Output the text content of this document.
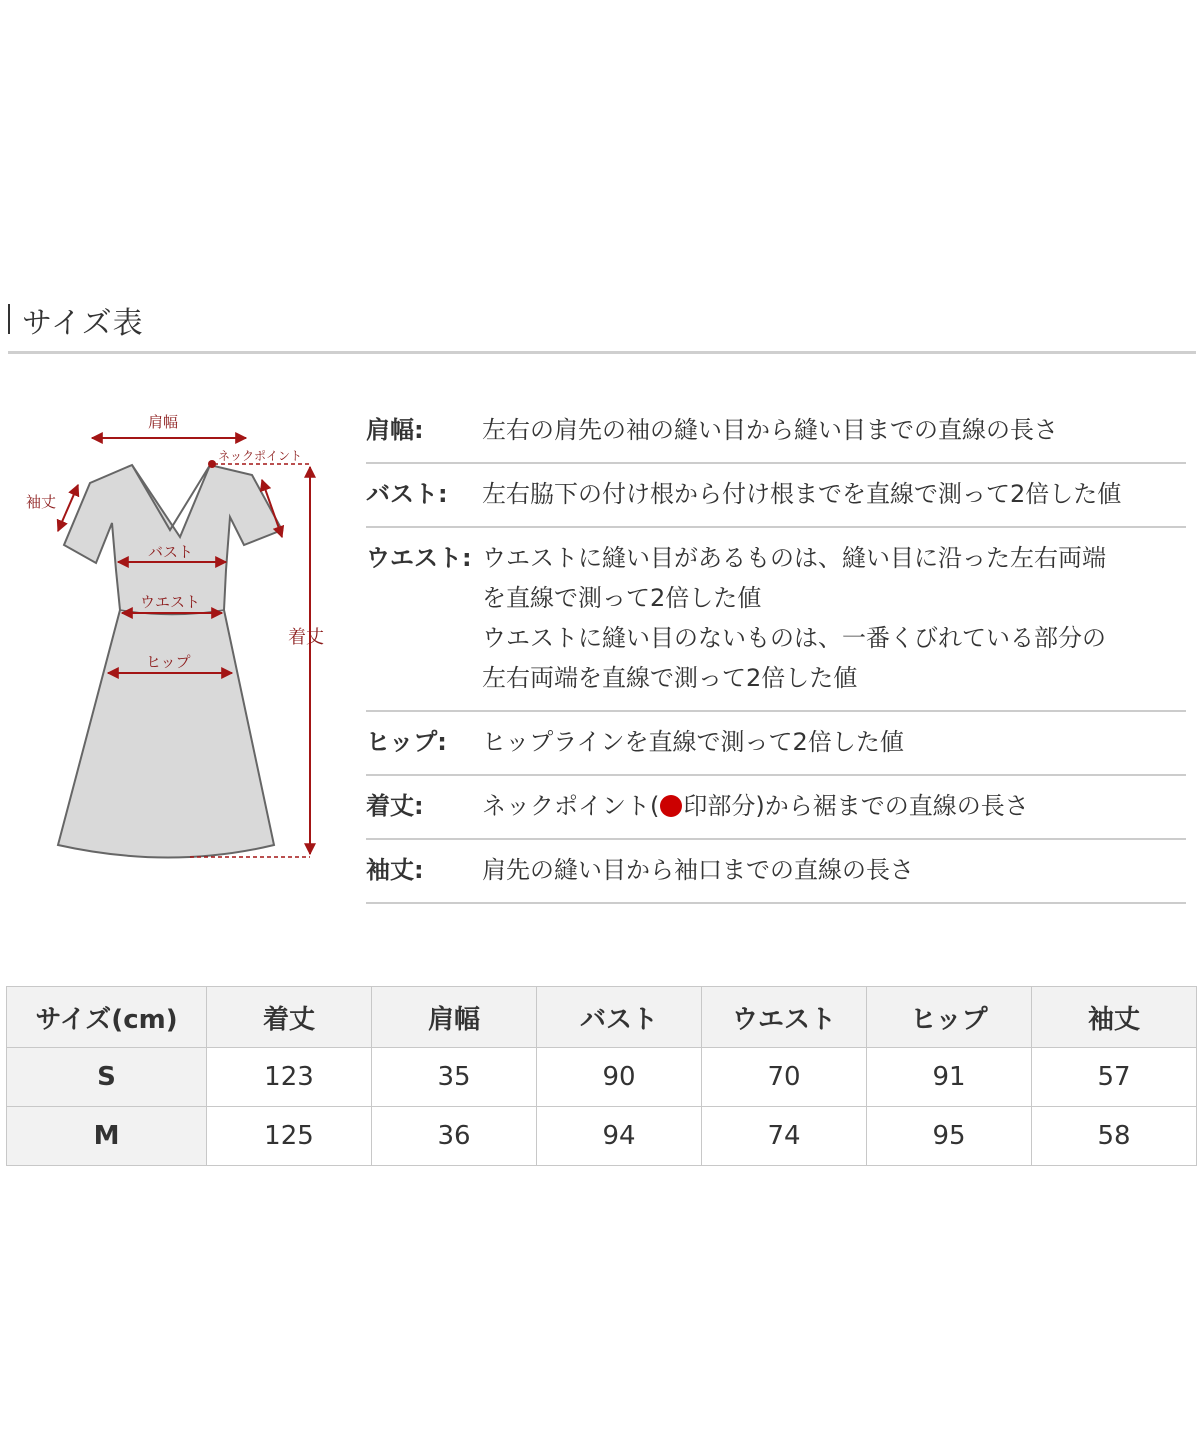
サイズ表
肩幅
ネックポイント
袖丈
バスト
ウエスト
ヒップ
着丈
肩幅:	左右の肩先の袖の縫い目から縫い目までの直線の長さ

バスト:	左右脇下の付け根から付け根までを直線で測って2倍した値

ウエスト: ウエストに縫い目があるものは、縫い目に沿った左右両端

を直線で測って2倍した値

ウエストに縫い目のないものは、一番くびれている部分の

左右両端を直線で測って2倍した値

ヒップ:	ヒップラインを直線で測って2倍した値

着丈:	ネックポイント( 印部分)から裾までの直線の長さ

袖丈:	肩先の縫い目から袖口までの直線の長さ

サイズ(cm)	着丈	肩幅	バスト	ウエスト	ヒップ	袖丈
S	123	35	90	70	91	57
M	125	36	94	74	95	58
